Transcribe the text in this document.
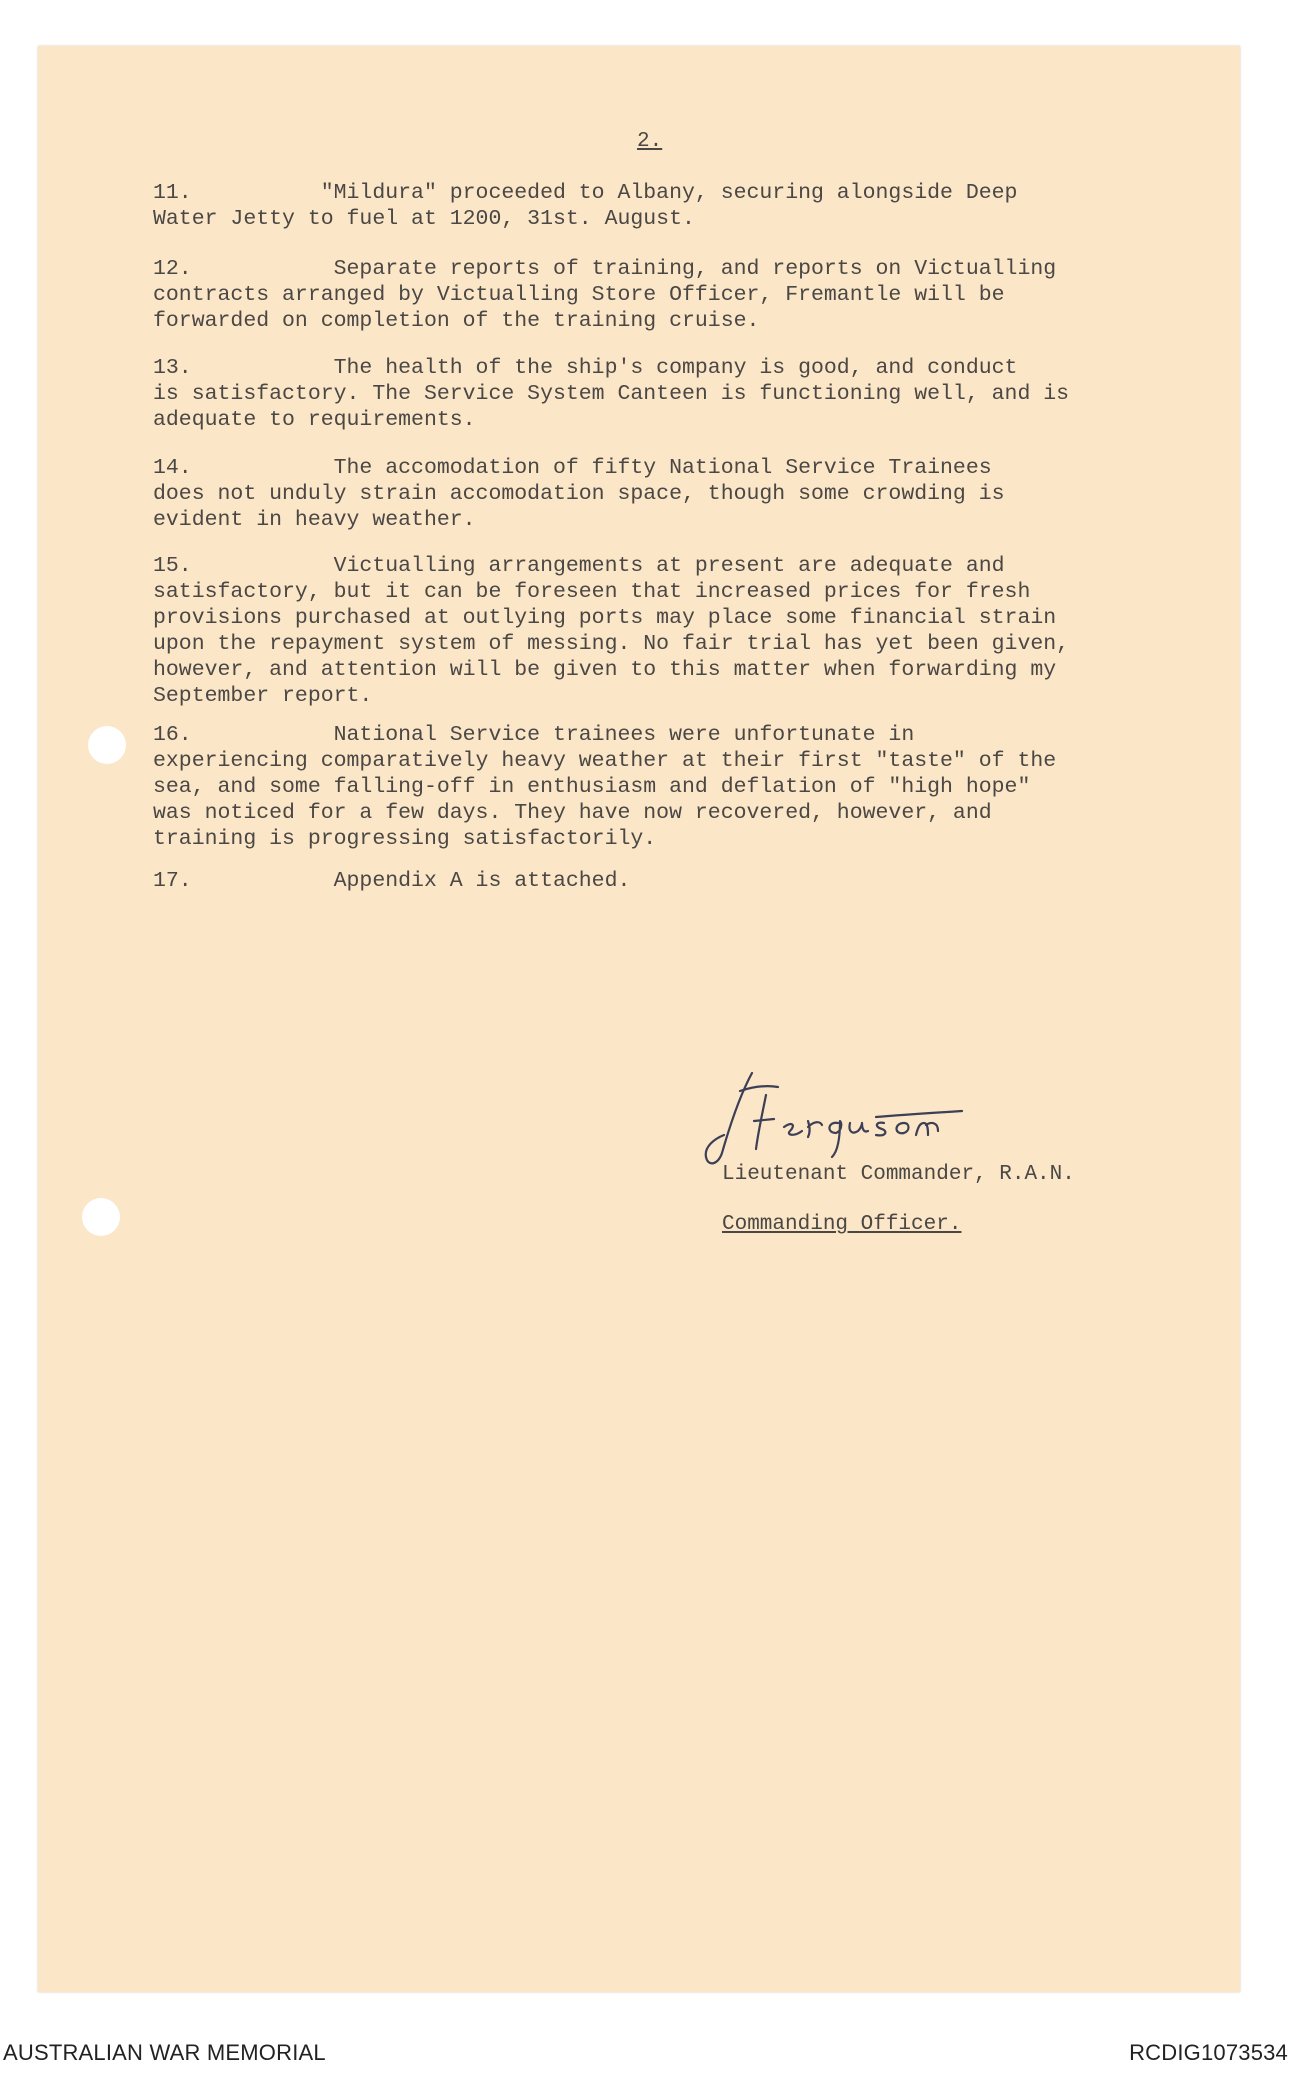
2.
11.          "Mildura" proceeded to Albany, securing alongside Deep
Water Jetty to fuel at 1200, 31st. August.
12.           Separate reports of training, and reports on Victualling
contracts arranged by Victualling Store Officer, Fremantle will be
forwarded on completion of the training cruise.
13.           The health of the ship's company is good, and conduct
is satisfactory. The Service System Canteen is functioning well, and is
adequate to requirements.
14.           The accomodation of fifty National Service Trainees
does not unduly strain accomodation space, though some crowding is
evident in heavy weather.
15.           Victualling arrangements at present are adequate and
satisfactory, but it can be foreseen that increased prices for fresh
provisions purchased at outlying ports may place some financial strain
upon the repayment system of messing. No fair trial has yet been given,
however, and attention will be given to this matter when forwarding my
September report.
16.           National Service trainees were unfortunate in
experiencing comparatively heavy weather at their first "taste" of the
sea, and some falling-off in enthusiasm and deflation of "high hope"
was noticed for a few days. They have now recovered, however, and
training is progressing satisfactorily.
17.           Appendix A is attached.
Lieutenant Commander, R.A.N.
Commanding Officer.
AUSTRALIAN WAR MEMORIAL	RCDIG1073534
